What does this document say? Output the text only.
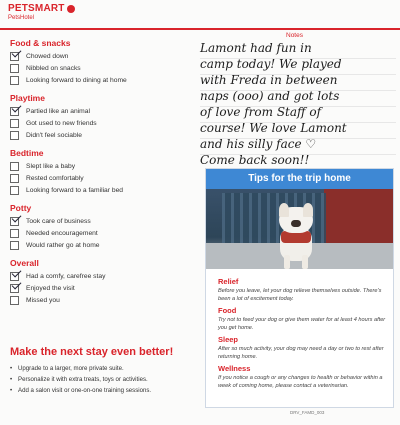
PETSMART
PetsHotel
Food & snacks
Chowed down
Nibbled on snacks
Looking forward to dining at home
Playtime
Partied like an animal
Got used to new friends
Didn't feel sociable
Bedtime
Slept like a baby
Rested comfortably
Looking forward to a familiar bed
Potty
Took care of business
Needed encouragement
Would rather go at home
Overall
Had a comfy, carefree stay
Enjoyed the visit
Missed you
Make the next stay even better!
• Upgrade to a larger, more private suite.
• Personalize it with extra treats, toys or activities.
• Add a salon visit or one-on-one training sessions.
Notes
Lamont had fun in
camp today! We played
with Freda in between
naps (ooo) and got lots
of love from Staff of
course! We love Lamont
and his silly face ♡
Come back soon!!
Tips for the trip home
Relief

Before you leave, let your dog relieve themselves outside. There's been a lot of excitement today.

Food

Try not to feed your dog or give them water for at least 4 hours after you get home.

Sleep

After so much activity, your dog may need a day or two to rest after returning home.

Wellness

If you notice a cough or any changes to health or behavior within a week of coming home, please contact a veterinarian.

DRV_FAMD_003
